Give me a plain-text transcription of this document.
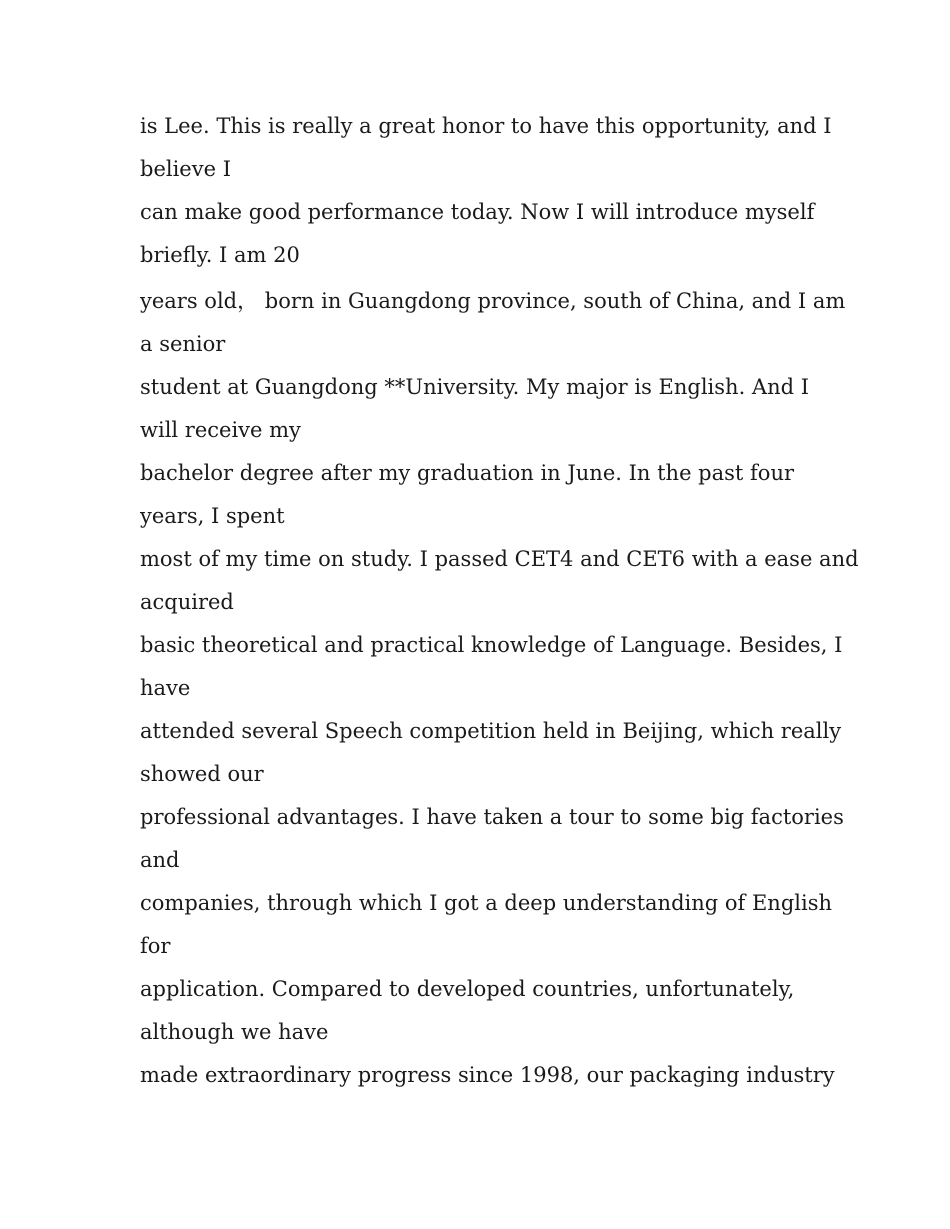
is Lee. This is really a great honor to have this opportunity, and I
believe I
can make good performance today. Now I will introduce myself
briefly. I am 20
years old， born in Guangdong province, south of China, and I am
a senior
student at Guangdong **University. My major is English. And I
will receive my
bachelor degree after my graduation in June. In the past four
years, I spent
most of my time on study. I passed CET4 and CET6 with a ease and
acquired
basic theoretical and practical knowledge of Language. Besides, I
have
attended several Speech competition held in Beijing, which really
showed our
professional advantages. I have taken a tour to some big factories
and
companies, through which I got a deep understanding of English
for
application. Compared to developed countries, unfortunately,
although we have
made extraordinary progress since 1998, our packaging industry
